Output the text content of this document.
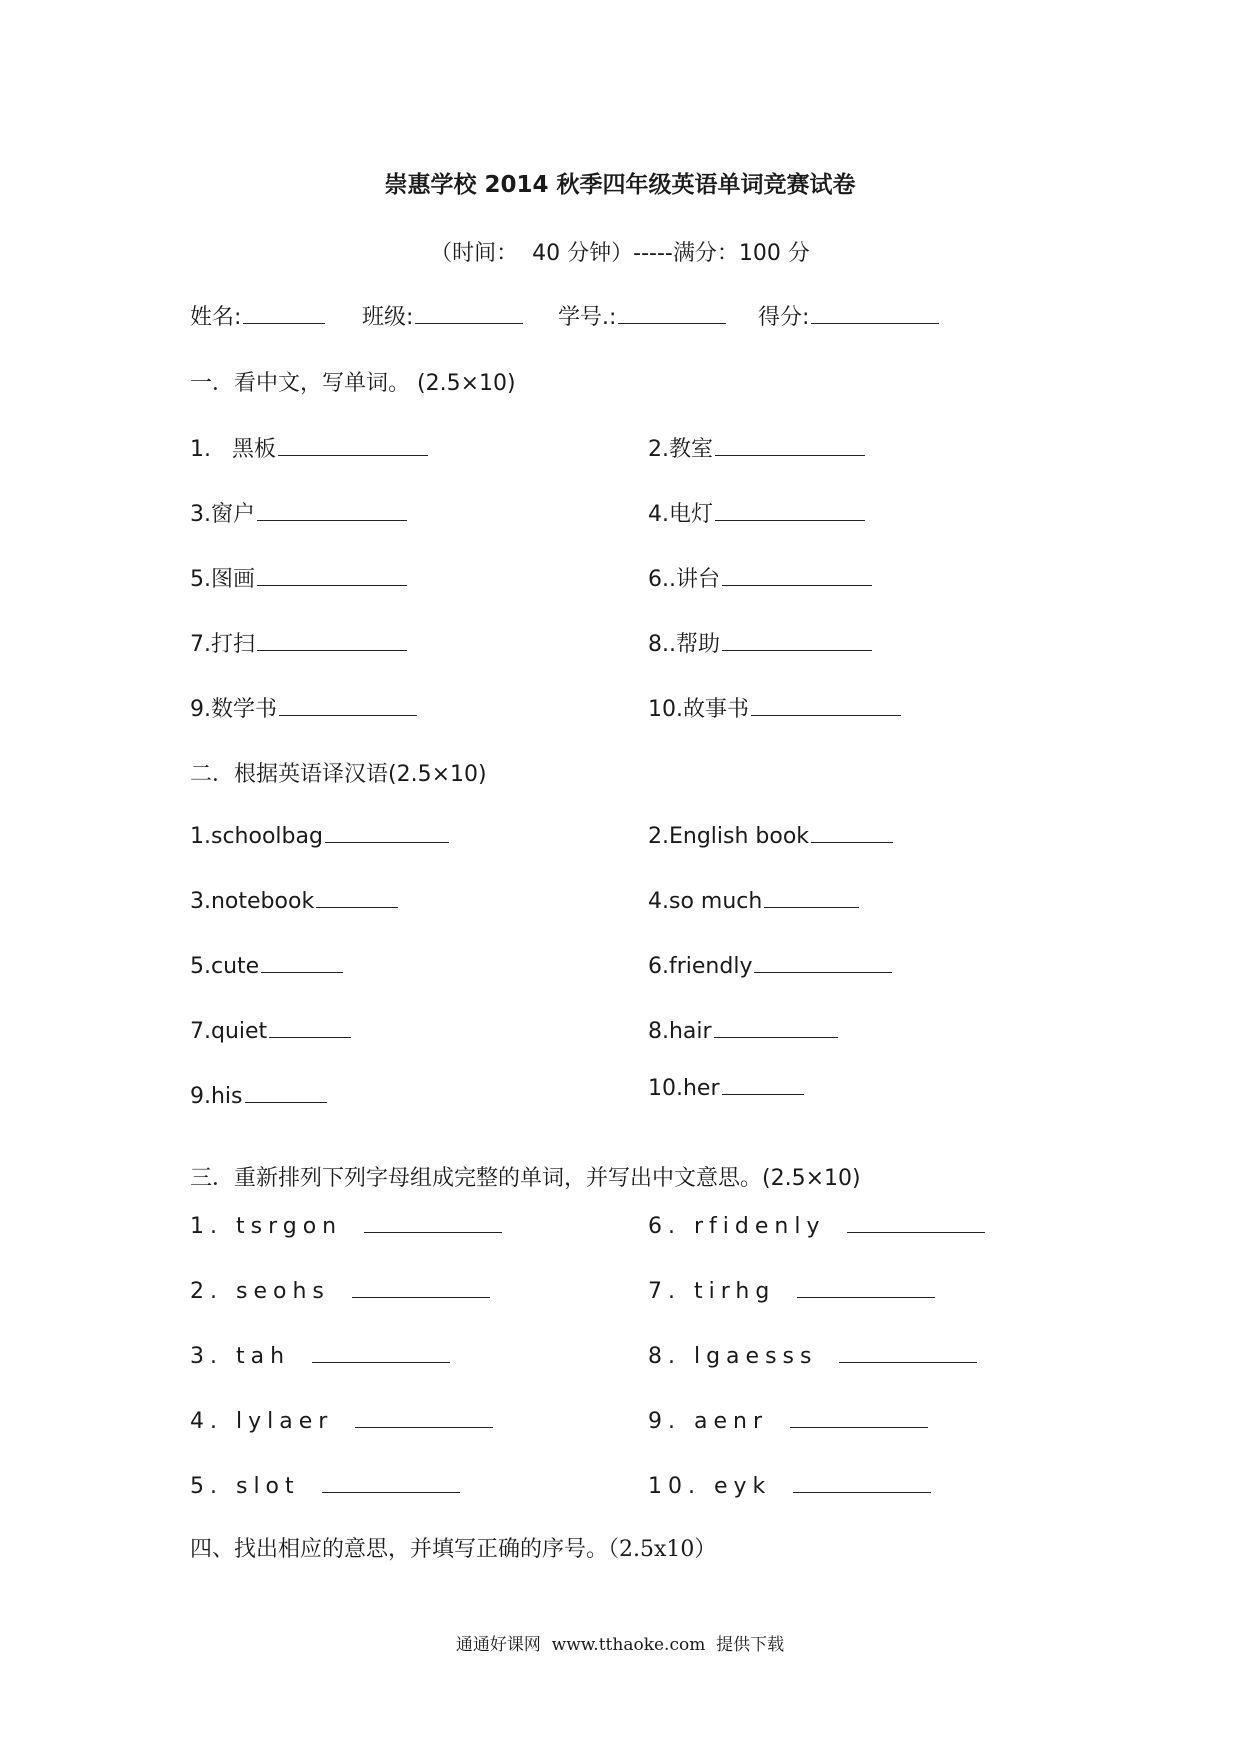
崇惠学校 2014 秋季四年级英语单词竞赛试卷
（时间：  40 分钟）-----满分：100 分
姓名:	班级:	学号.:	得分:
一．看中文，写单词。 (2.5×10)
1.   黑板	2.教室
3.窗户	4.电灯
5.图画	6..讲台
7.打扫	8..帮助
9.数学书	10.故事书
二．根据英语译汉语(2.5×10)
1.schoolbag	2.English book
3.notebook	4.so much
5.cute	6.friendly
7.quiet	8.hair
9.his	10.her
三．重新排列下列字母组成完整的单词，并写出中文意思。(2.5×10)
1. tsrgon	6. rfidenly
2. seohs	7. tirhg
3. tah	8. lgaesss
4. lylaer	9. aenr
5. slot	10. eyk
四、找出相应的意思，并填写正确的序号。（2.5x10）
通通好课网  www.tthaoke.com  提供下载
